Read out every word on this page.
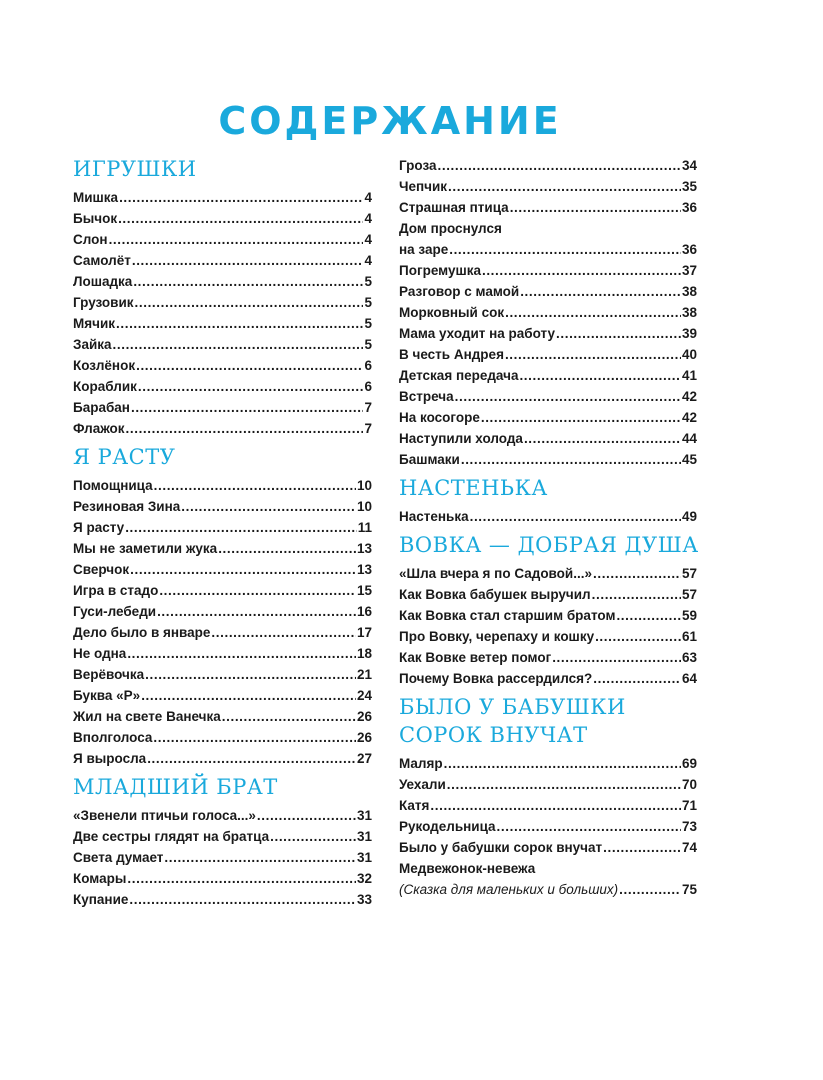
СОДЕРЖАНИЕ
ИГРУШКИ
Мишка .....	4
Бычок .....	4
Слон .....	4
Самолёт .....	4
Лошадка .....	5
Грузовик .....	5
Мячик .....	5
Зайка .....	5
Козлёнок .....	6
Кораблик .....	6
Барабан .....	7
Флажок .....	7
Я РАСТУ
Помощница .....	10
Резиновая Зина .....	10
Я расту .....	11
Мы не заметили жука .....	13
Сверчок .....	13
Игра в стадо .....	15
Гуси-лебеди .....	16
Дело было в январе .....	17
Не одна .....	18
Верёвочка .....	21
Буква «Р» .....	24
Жил на свете Ванечка .....	26
Вполголоса .....	26
Я выросла .....	27
МЛАДШИЙ БРАТ
«Звенели птичьи голоса...» .....	31
Две сестры глядят на братца .....	31
Света думает .....	31
Комары .....	32
Купание .....	33
Гроза .....	34
Чепчик .....	35
Страшная птица .....	36
Дом проснулся
на заре .....	36
Погремушка .....	37
Разговор с мамой .....	38
Морковный сок .....	38
Мама уходит на работу .....	39
В честь Андрея .....	40
Детская передача .....	41
Встреча .....	42
На косогоре .....	42
Наступили холода .....	44
Башмаки .....	45
НАСТЕНЬКА
Настенька .....	49
ВОВКА — ДОБРАЯ ДУША
«Шла вчера я по Садовой...» .....	57
Как Вовка бабушек выручил .....	57
Как Вовка стал старшим братом .....	59
Про Вовку, черепаху и кошку .....	61
Как Вовке ветер помог .....	63
Почему Вовка рассердился? .....	64
БЫЛО У БАБУШКИ
СОРОК ВНУЧАТ
Маляр .....	69
Уехали .....	70
Катя .....	71
Рукодельница .....	73
Было у бабушки сорок внучат .....	74
Медвежонок-невежа
(Сказка для маленьких и больших) .....	75
